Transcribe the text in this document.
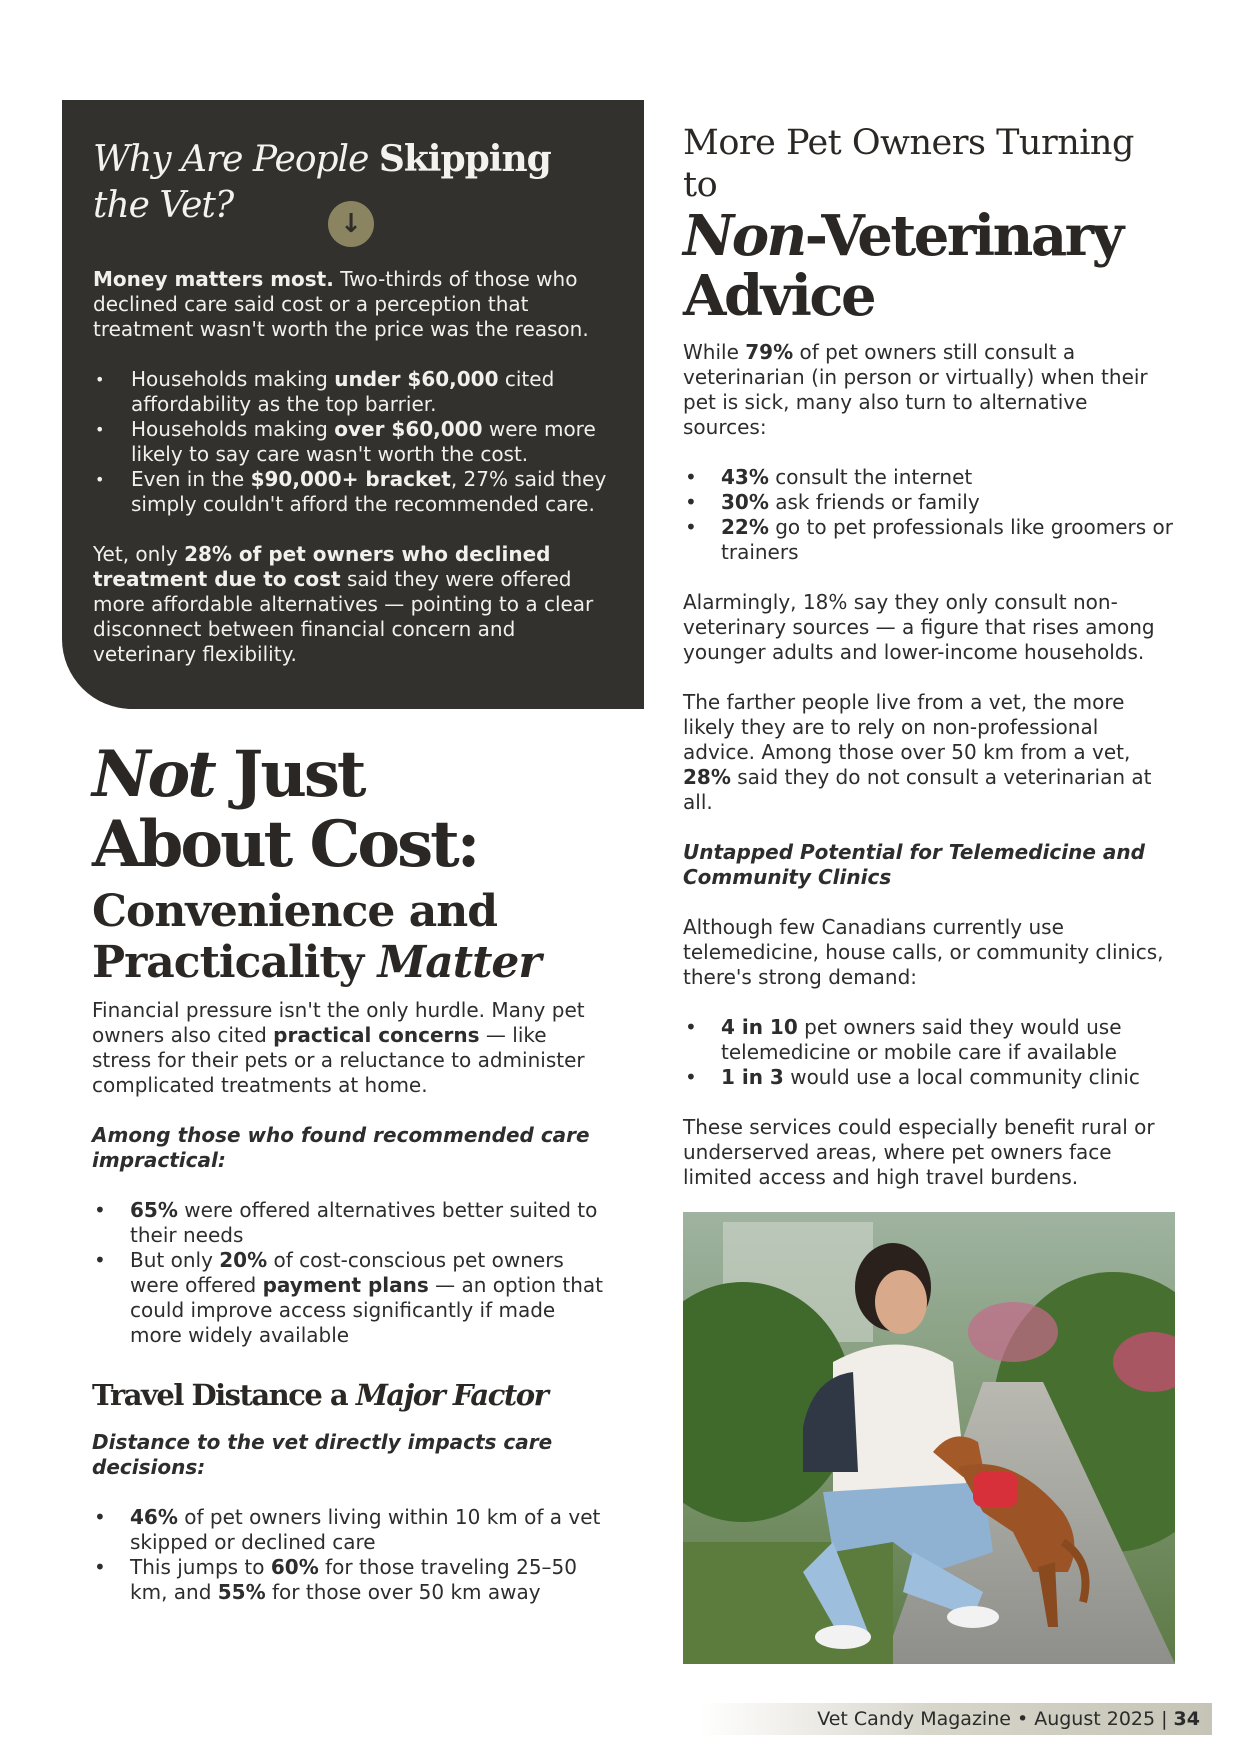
Why Are People Skipping the Vet?	↓

Money matters most. Two-thirds of those who declined care said cost or a perception that treatment wasn't worth the price was the reason.

• Households making under $60,000 cited affordability as the top barrier.
• Households making over $60,000 were more likely to say care wasn't worth the cost.
• Even in the $90,000+ bracket, 27% said they simply couldn't afford the recommended care.

Yet, only 28% of pet owners who declined treatment due to cost said they were offered more affordable alternatives — pointing to a clear disconnect between financial concern and veterinary flexibility.

Not Just
About Cost:
Convenience and
Practicality Matter

Financial pressure isn't the only hurdle. Many pet owners also cited practical concerns — like stress for their pets or a reluctance to administer complicated treatments at home.

Among those who found recommended care impractical:

• 65% were offered alternatives better suited to their needs
• But only 20% of cost-conscious pet owners were offered payment plans — an option that could improve access significantly if made more widely available
Travel Distance a Major Factor

Distance to the vet directly impacts care decisions:

• 46% of pet owners living within 10 km of a vet skipped or declined care
• This jumps to 60% for those traveling 25–50 km, and 55% for those over 50 km away

More Pet Owners Turning to

Non-Veterinary
Advice

While 79% of pet owners still consult a veterinarian (in person or virtually) when their pet is sick, many also turn to alternative sources:

• 43% consult the internet
• 30% ask friends or family
• 22% go to pet professionals like groomers or trainers

Alarmingly, 18% say they only consult non-veterinary sources — a figure that rises among younger adults and lower-income households.

The farther people live from a vet, the more likely they are to rely on non-professional advice. Among those over 50 km from a vet, 28% said they do not consult a veterinarian at all.

Untapped Potential for Telemedicine and Community Clinics

Although few Canadians currently use telemedicine, house calls, or community clinics, there's strong demand:

• 4 in 10 pet owners said they would use telemedicine or mobile care if available
• 1 in 3 would use a local community clinic

These services could especially benefit rural or underserved areas, where pet owners face limited access and high travel burdens.

Vet Candy Magazine • August 2025 | 34
